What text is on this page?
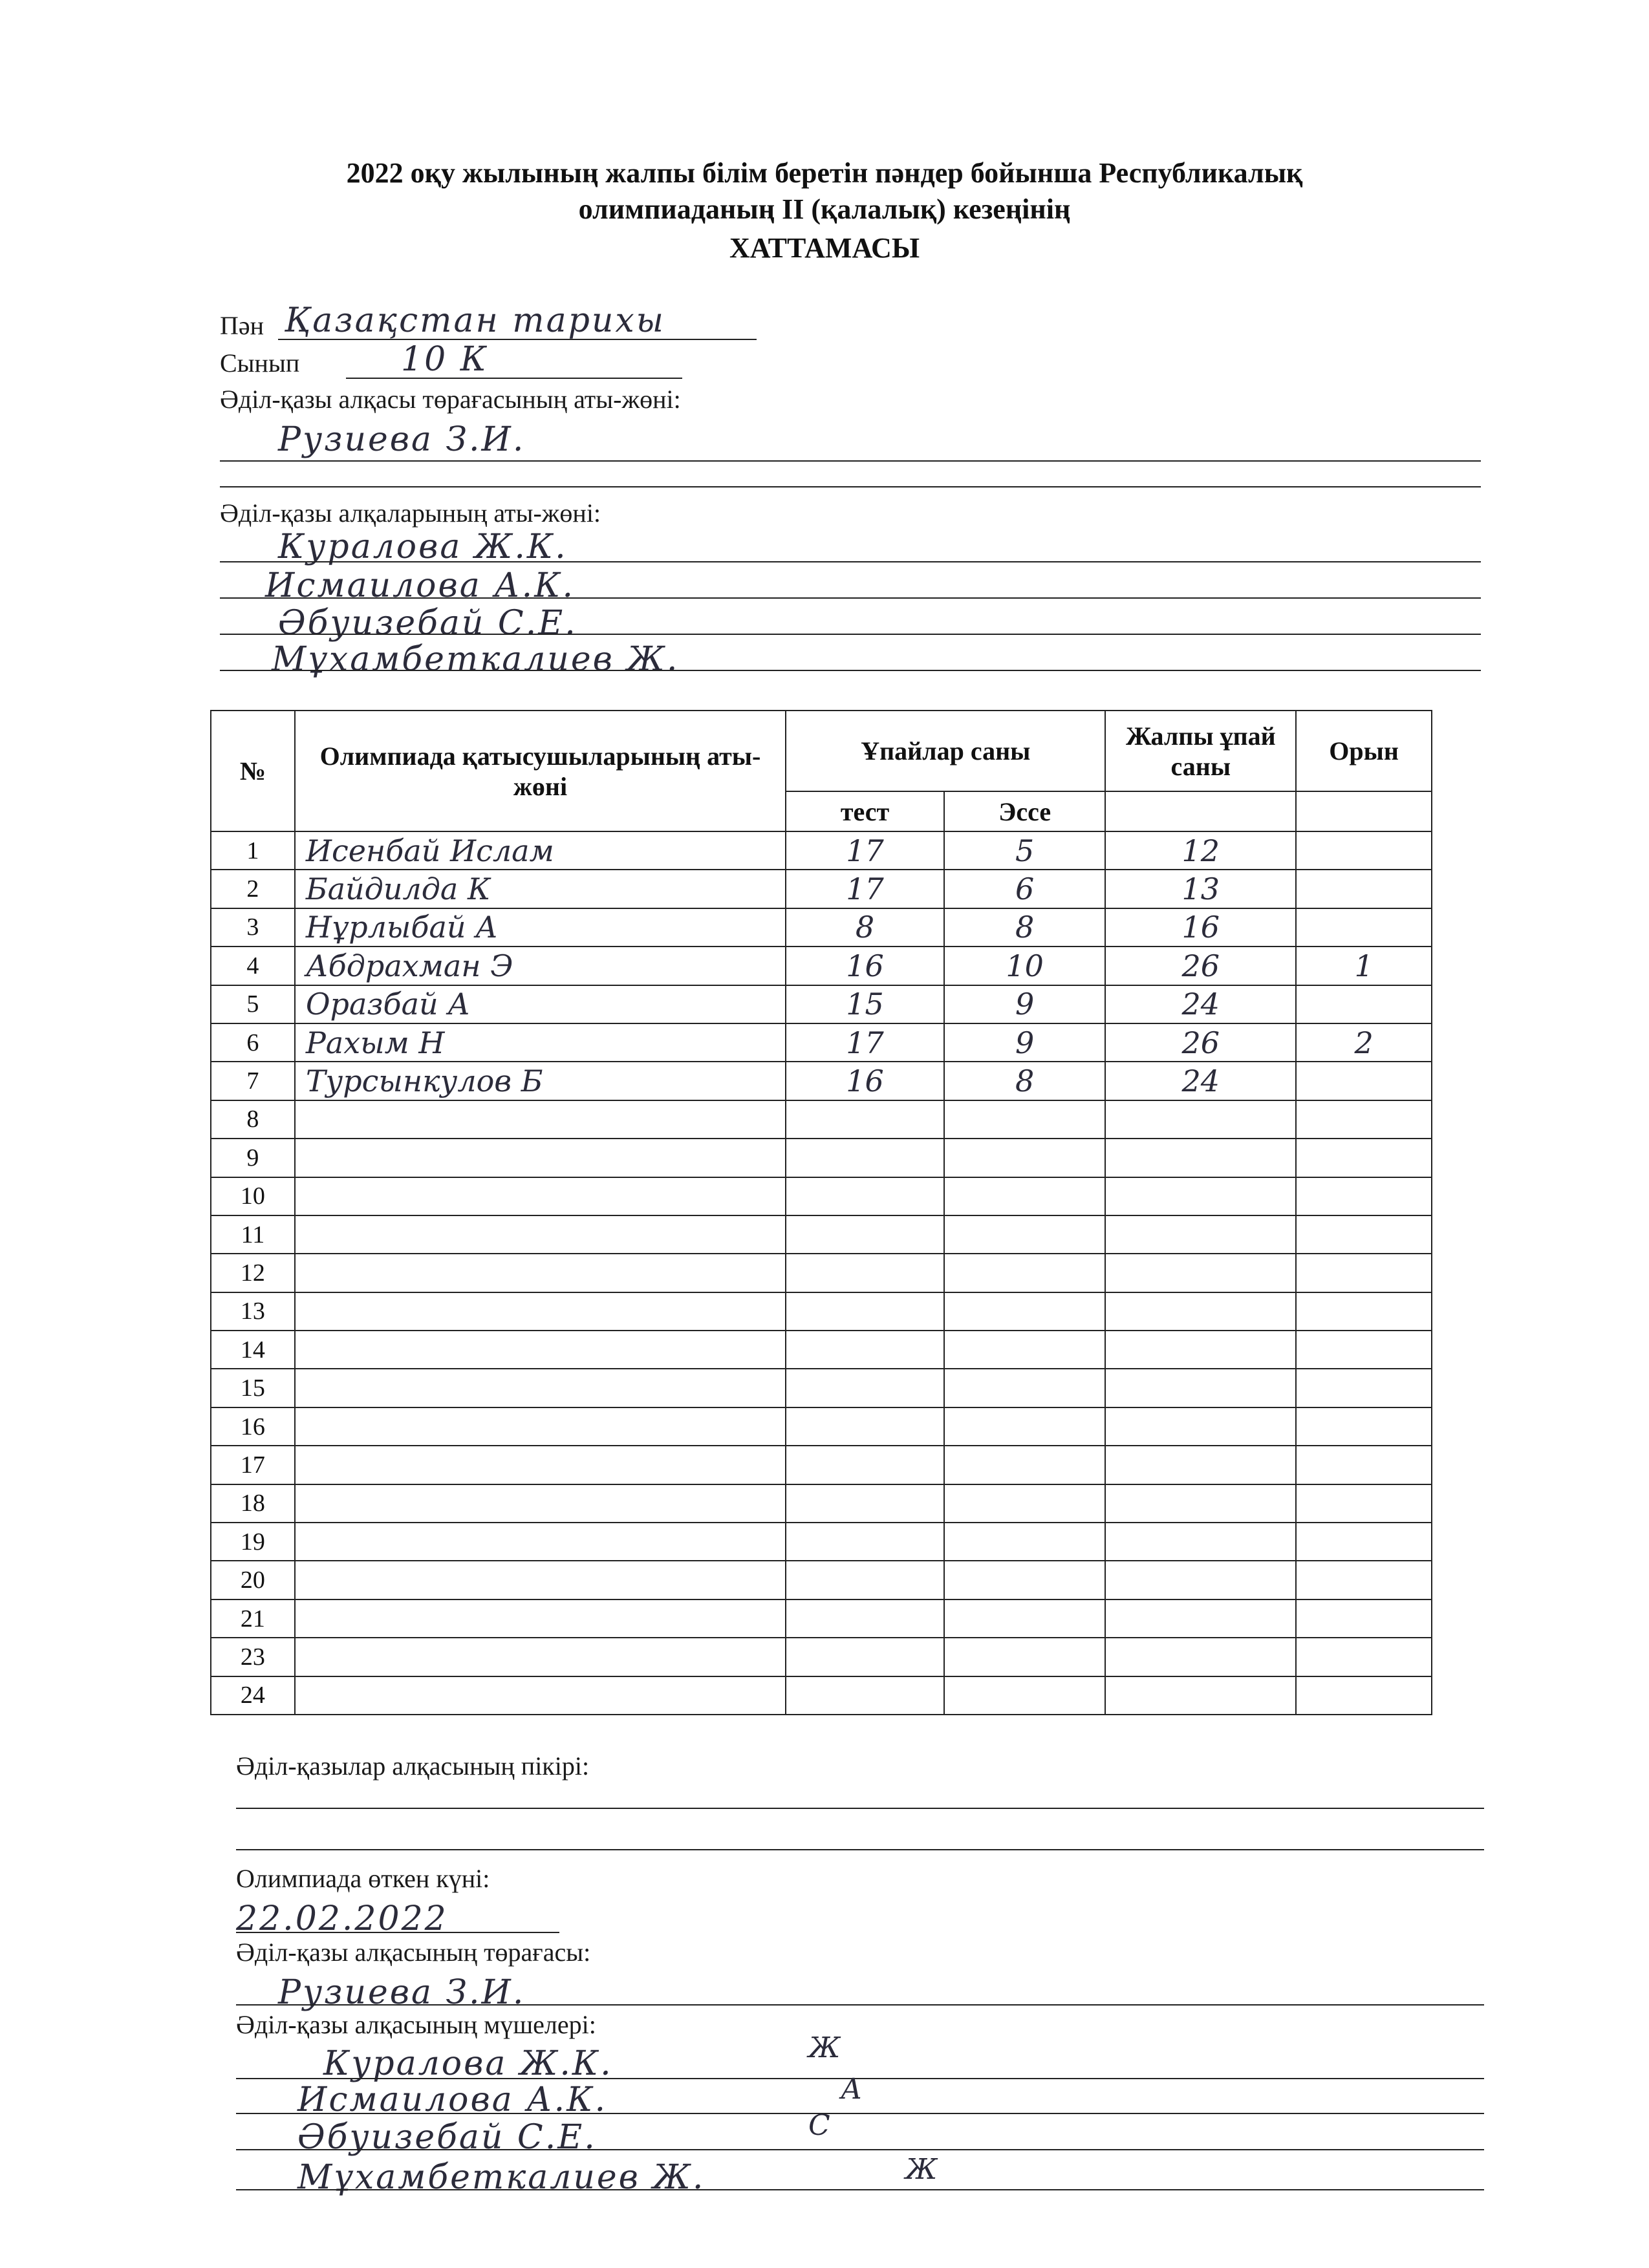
2022 оқу жылының жалпы білім беретін пәндер бойынша Республикалық
олимпиаданың II (қалалық) кезеңінің
ХАТТАМАСЫ
Пән Қазақстан тарихы
Сынып	10 К
Әділ-қазы алқасы төрағасының аты-жөні:
Рузиева З.И.
Әділ-қазы алқаларының аты-жөні:
Куралова Ж.К.
Исмаилова А.К.
Әбуизебай С.Е.
Мұхамбеткалиев Ж.
№	Олимпиада қатысушыларының аты-жөні	Ұпайлар саны		Жалпы ұпай саны	Орын
		тест	Эссе		
1	Исенбай Ислам	17	5	12	
2	Байдилда К	17	6	13	
3	Нұрлыбай А	8	8	16	
4	Абдрахман Э	16	10	26	1
5	Оразбай А	15	9	24	
6	Рахым Н	17	9	26	2
7	Турсынкулов Б	16	8	24	
8					
9					
10					
11					
12					
13					
14					
15					
16					
17					
18					
19					
20					
21					
23					
24					
Әділ-қазылар алқасының пікірі:
Олимпиада өткен күні:
22.02.2022
Әділ-қазы алқасының төрағасы:
Рузиева З.И.
Әділ-қазы алқасының мүшелері:
Куралова Ж.К.	Ж
Исмаилова А.К.	А
Әбуизебай С.Е.	С
Мұхамбеткалиев Ж.	Ж
